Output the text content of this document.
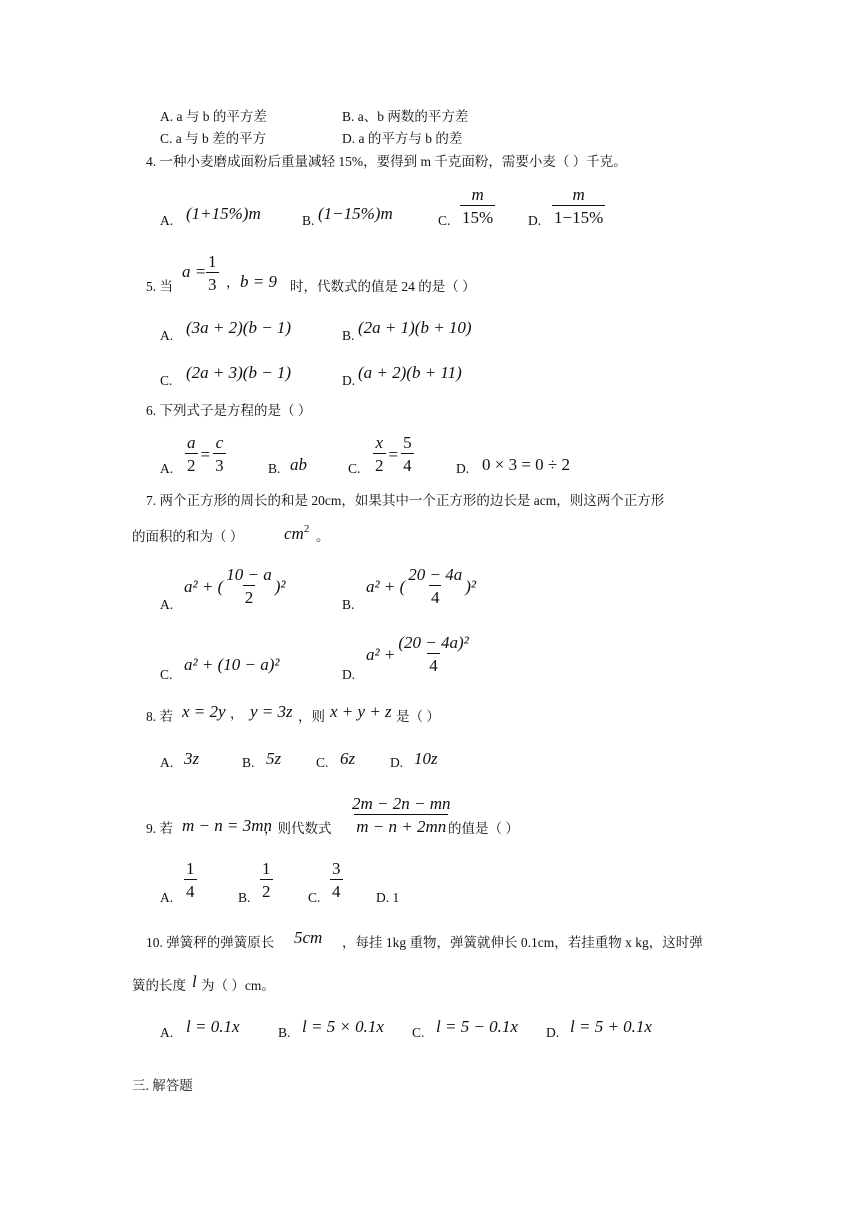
A. a 与 b 的平方差	B. a、b 两数的平方差
C. a 与 b 差的平方	D. a 的平方与 b 的差
4. 一种小麦磨成面粉后重量减轻 15%，要得到 m 千克面粉，需要小麦（ ）千克。
A. (1+15%)m	B. (1−15%)m	C. $\frac{m}{15\%} D$. $\frac{m}{1-15\%}$
5. 当
$a = \frac{1}{3}$ ， b = 9 时，代数式的值是 24 的是（ ）
A. (3a + 2)(b − 1)	B. (2a + 1)(b + 10)
C. (2a + 3)(b − 1)	D. (a + 2)(b + 11)
6. 下列式子是方程的是（ ）
A. $\frac{a}{2} = \frac{c}{3}$	B. ab	C. $\frac{x}{2} = \frac{5}{4}$	D. 0 × 3 = 0 ÷ 2
7. 两个正方形的周长的和是 20cm，如果其中一个正方形的边长是 acm，则这两个正方形
的面积的和为（ ） $cm^2$ 。
A.
a² + ( $\frac{10 - a}{2} )^2$
B.
a² + ( $\frac{20 - 4a}{4} )^2$
C.
a² + (10 − a)²
D.
$a^2 + \frac{\text{(20 − 4a)²}}{4}$
8. 若 x = 2y ， y = 3z ，则 x + y + z 是（ ）
A. 3z	B. 5z	C. 6z	D. 10z
9. 若 m − n = 3mn
，则代数式 $\frac{2m - 2n - mn}{m - n + 2mn}$
的值是（ ）
A. $\frac{1}{4}$	B. $\frac{1}{2}$	C. $\frac{3}{4} D$. 1
10. 弹簧秤的弹簧原长 5cm ，每挂 1kg 重物，弹簧就伸长 0.1cm，若挂重物 x kg，这时弹
簧的长度 l 为（ ）cm。
A. l = 0.1x	B. l = 5 × 0.1x C. l = 5 − 0.1x D. l = 5 + 0.1x
三. 解答题
